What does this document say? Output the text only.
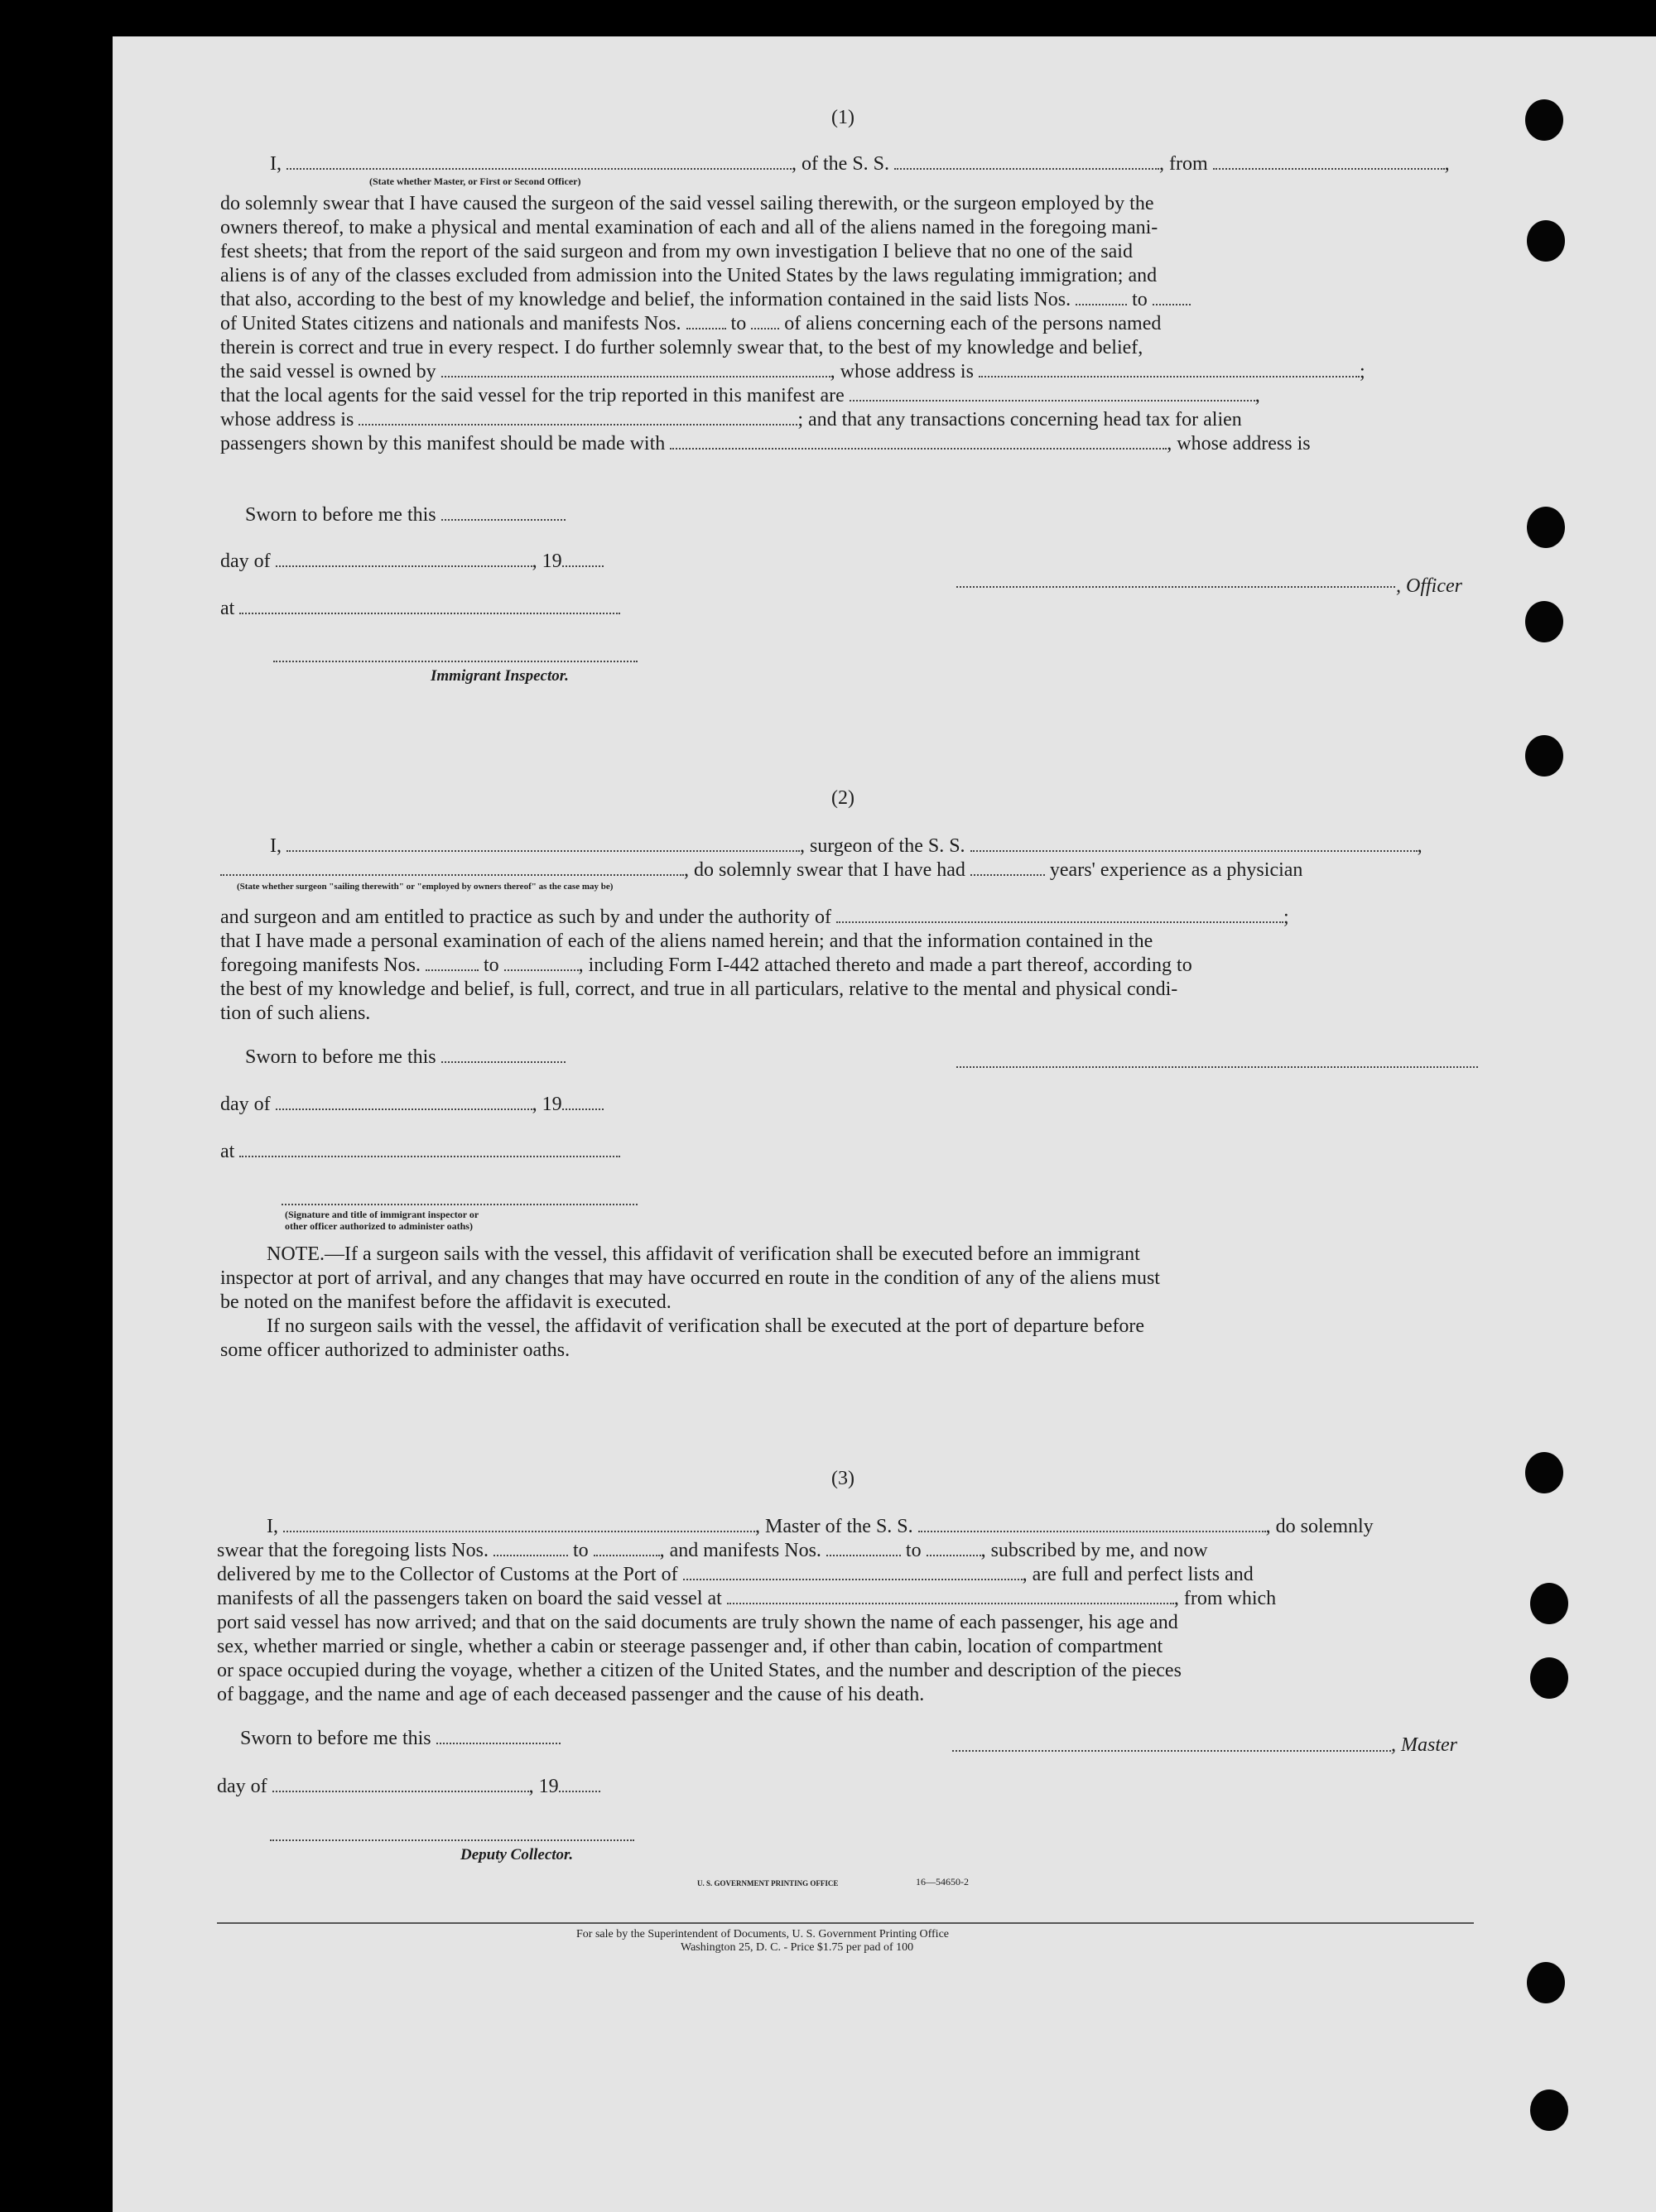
(1)
I,	, of the S. S.	, from	,
(State whether Master, or First or Second Officer)
do solemnly swear that I have caused the surgeon of the said vessel sailing therewith, or the surgeon employed by the
owners thereof, to make a physical and mental examination of each and all of the aliens named in the foregoing mani-
fest sheets; that from the report of the said surgeon and from my own investigation I believe that no one of the said
aliens is of any of the classes excluded from admission into the United States by the laws regulating immigration; and
that also, according to the best of my knowledge and belief, the information contained in the said lists Nos.	to
of United States citizens and nationals and manifests Nos.	to of aliens concerning each of the persons named
therein is correct and true in every respect. I do further solemnly swear that, to the best of my knowledge and belief,
the said vessel is owned by	, whose address is	;
that the local agents for the said vessel for the trip reported in this manifest are	,
whose address is	; and that any transactions concerning head tax for alien
passengers shown by this manifest should be made with	, whose address is
Sworn to before me this
day of	, 19
at
, Officer
Immigrant Inspector.
(2)
I,	, surgeon of the S. S.	,
, do solemnly swear that I have had	years' experience as a physician
(State whether surgeon "sailing therewith" or "employed by owners thereof" as the case may be)
and surgeon and am entitled to practice as such by and under the authority of	;
that I have made a personal examination of each of the aliens named herein; and that the information contained in the
foregoing manifests Nos.	to	, including Form I-442 attached thereto and made a part thereof, according to
the best of my knowledge and belief, is full, correct, and true in all particulars, relative to the mental and physical condi-
tion of such aliens.
Sworn to before me this
day of	, 19
at
(Signature and title of immigrant inspector or
other officer authorized to administer oaths)
NOTE.—If a surgeon sails with the vessel, this affidavit of verification shall be executed before an immigrant
inspector at port of arrival, and any changes that may have occurred en route in the condition of any of the aliens must
be noted on the manifest before the affidavit is executed.
If no surgeon sails with the vessel, the affidavit of verification shall be executed at the port of departure before
some officer authorized to administer oaths.
(3)
I,	, Master of the S. S.	, do solemnly
swear that the foregoing lists Nos.	to	, and manifests Nos.	to	, subscribed by me, and now
delivered by me to the Collector of Customs at the Port of	, are full and perfect lists and
manifests of all the passengers taken on board the said vessel at	, from which
port said vessel has now arrived; and that on the said documents are truly shown the name of each passenger, his age and
sex, whether married or single, whether a cabin or steerage passenger and, if other than cabin, location of compartment
or space occupied during the voyage, whether a citizen of the United States, and the number and description of the pieces
of baggage, and the name and age of each deceased passenger and the cause of his death.
Sworn to before me this	, Master
day of	, 19
Deputy Collector.
U. S. GOVERNMENT PRINTING OFFICE	16—54650-2
For sale by the Superintendent of Documents, U. S. Government Printing Office
Washington 25, D. C. - Price $1.75 per pad of 100
